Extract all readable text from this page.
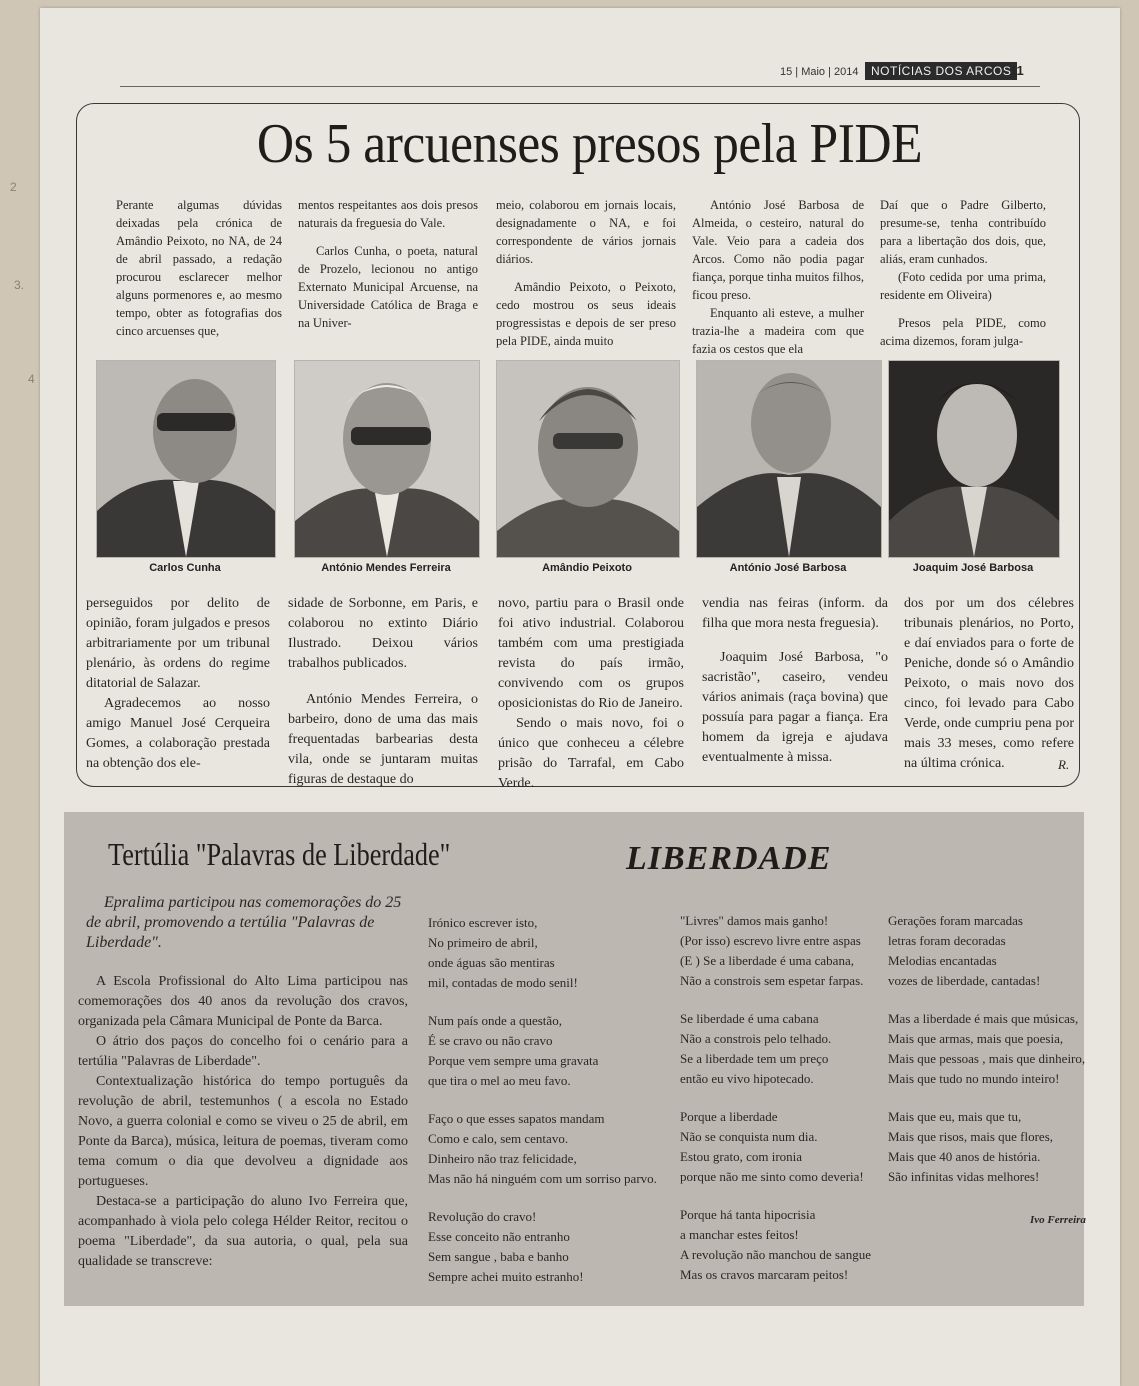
2
3.
4
15 | Maio | 2014	NOTÍCIAS DOS ARCOS
11
Os 5 arcuenses presos pela PIDE

Perante algumas dúvidas deixadas pela crónica de Amândio Peixoto, no NA, de 24 de abril passado, a redação procurou esclarecer melhor alguns pormenores e, ao mesmo tempo, obter as fotografias dos cinco arcuenses que,

mentos respeitantes aos dois presos naturais da freguesia do Vale.

Carlos Cunha, o poeta, natural de Prozelo, lecionou no antigo Externato Municipal Arcuense, na Universidade Católica de Braga e na Univer-

meio, colaborou em jornais locais, designadamente o NA, e foi correspondente de vários jornais diários.

Amândio Peixoto, o Peixoto, cedo mostrou os seus ideais progressistas e depois de ser preso pela PIDE, ainda muito

António José Barbosa de Almeida, o cesteiro, natural do Vale. Veio para a cadeia dos Arcos. Como não podia pagar fiança, porque tinha muitos filhos, ficou preso.

Enquanto ali esteve, a mulher trazia-lhe a madeira com que fazia os cestos que ela

Daí que o Padre Gilberto, presume-se, tenha contribuído para a libertação dos dois, que, aliás, eram cunhados.

(Foto cedida por uma prima, residente em Oliveira)

Presos pela PIDE, como acima dizemos, foram julga-

Carlos Cunha	António Mendes Ferreira	Amândio Peixoto	António José Barbosa	Joaquim José Barbosa

perseguidos por delito de opinião, foram julgados e presos arbitrariamente por um tribunal plenário, às ordens do regime ditatorial de Salazar.

Agradecemos ao nosso amigo Manuel José Cerqueira Gomes, a colaboração prestada na obtenção dos ele-

sidade de Sorbonne, em Paris, e colaborou no extinto Diário Ilustrado. Deixou vários trabalhos publicados.

António Mendes Ferreira, o barbeiro, dono de uma das mais frequentadas barbearias desta vila, onde se juntaram muitas figuras de destaque do

novo, partiu para o Brasil onde foi ativo industrial. Colaborou também com uma prestigiada revista do país irmão, convivendo com os grupos oposicionistas do Rio de Janeiro.

Sendo o mais novo, foi o único que conheceu a célebre prisão do Tarrafal, em Cabo Verde.

vendia nas feiras (inform. da filha que mora nesta freguesia).

Joaquim José Barbosa, "o sacristão", caseiro, vendeu vários animais (raça bovina) que possuía para pagar a fiança. Era homem da igreja e ajudava eventualmente à missa.

dos por um dos célebres tribunais plenários, no Porto, e daí enviados para o forte de Peniche, donde só o Amândio Peixoto, o mais novo dos cinco, foi levado para Cabo Verde, onde cumpriu pena por mais 33 meses, como refere na última crónica.	R.
Tertúlia "Palavras de Liberdade"	LIBERDADE

Epralima participou nas comemorações do 25 de abril, promovendo a tertúlia "Palavras de Liberdade".

A Escola Profissional do Alto Lima participou nas comemorações dos 40 anos da revolução dos cravos, organizada pela Câmara Municipal de Ponte da Barca.

O átrio dos paços do concelho foi o cenário para a tertúlia "Palavras de Liberdade".

Contextualização histórica do tempo português da revolução de abril, testemunhos ( a escola no Estado Novo, a guerra colonial e como se viveu o 25 de abril, em Ponte da Barca), música, leitura de poemas, tiveram como tema comum o dia que devolveu a dignidade aos portugueses.

Destaca-se a participação do aluno Ivo Ferreira que, acompanhado à viola pelo colega Hélder Reitor, recitou o poema "Liberdade", da sua autoria, o qual, pela sua qualidade se transcreve:

Irónico escrever isto,
No primeiro de abril,
onde águas são mentiras
mil, contadas de modo senil!
Num país onde a questão,
É se cravo ou não cravo
Porque vem sempre uma gravata
que tira o mel ao meu favo.
Faço o que esses sapatos mandam
Como e calo, sem centavo.
Dinheiro não traz felicidade,
Mas não há ninguém com um sorriso parvo.
Revolução do cravo!
Esse conceito não entranho
Sem sangue , baba e banho
Sempre achei muito estranho!
"Livres" damos mais ganho!
(Por isso) escrevo livre entre aspas
(E ) Se a liberdade é uma cabana,
Não a constrois sem espetar farpas.
Se liberdade é uma cabana
Não a constrois pelo telhado.
Se a liberdade tem um preço
então eu vivo hipotecado.
Porque a liberdade
Não se conquista num dia.
Estou grato, com ironia
porque não me sinto como deveria!
Porque há tanta hipocrisia
a manchar estes feitos!
A revolução não manchou de sangue
Mas os cravos marcaram peitos!
Gerações foram marcadas
letras foram decoradas
Melodias encantadas
vozes de liberdade, cantadas!
Mas a liberdade é mais que músicas,
Mais que armas, mais que poesia,
Mais que pessoas , mais que dinheiro,
Mais que tudo no mundo inteiro!
Mais que eu, mais que tu,
Mais que risos, mais que flores,
Mais que 40 anos de história.
São infinitas vidas melhores!
Ivo Ferreira
